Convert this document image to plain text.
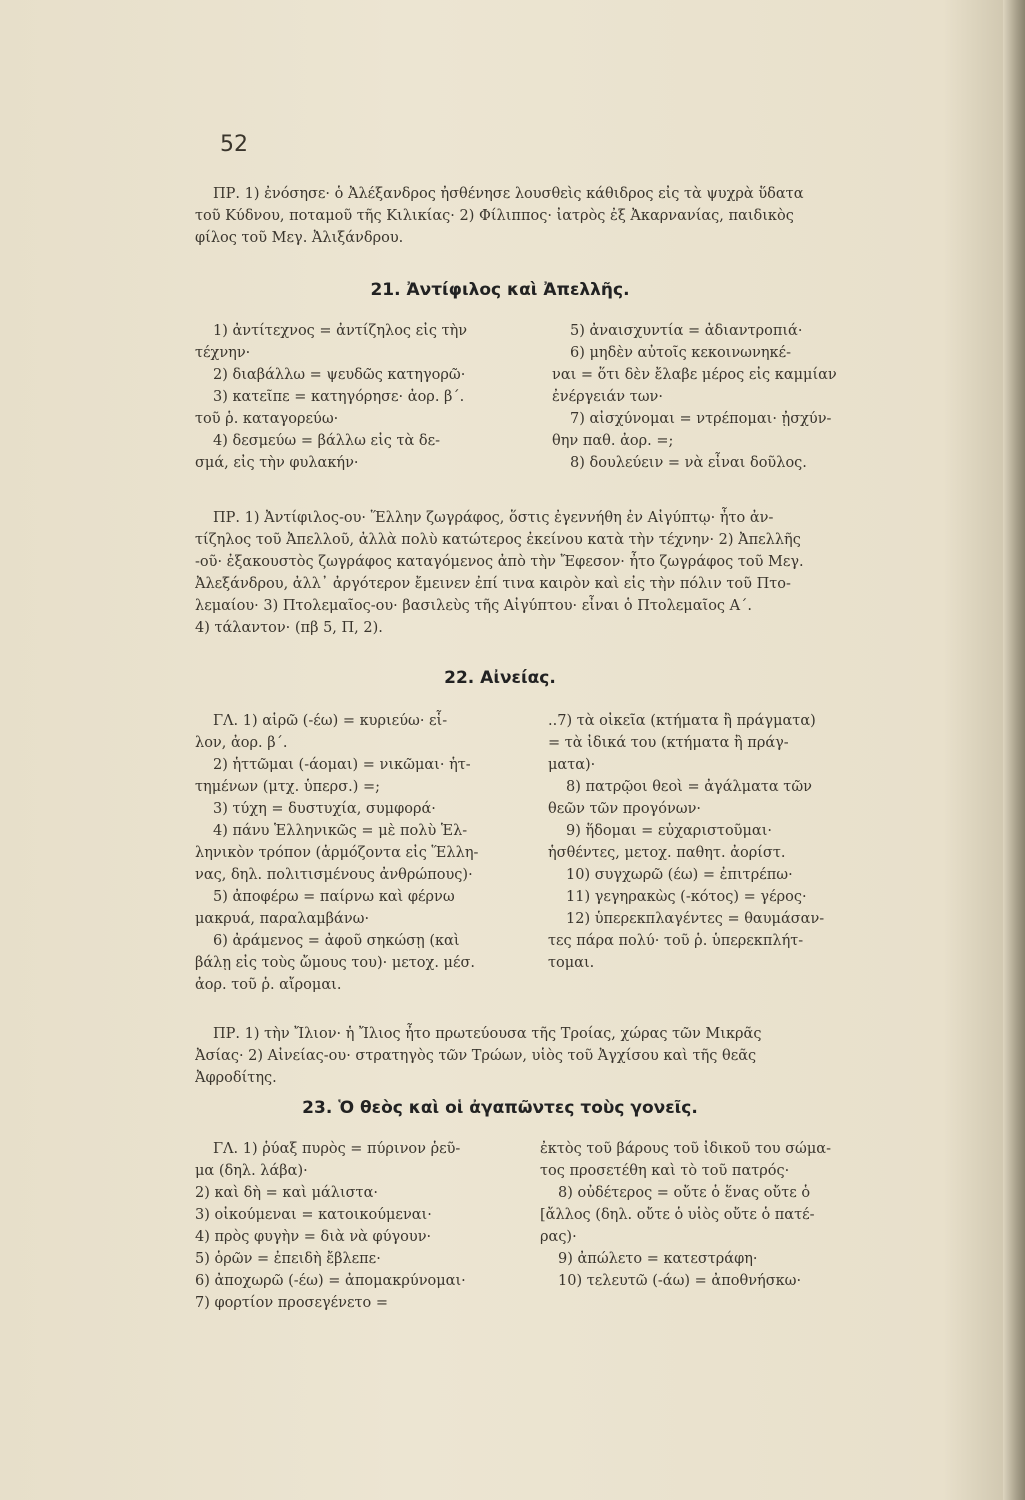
52
ΠΡ. 1) ἐνόσησε· ὁ Ἀλέξανδρος ἠσθένησε λουσθεὶς κάθιδρος εἰς τὰ ψυχρὰ ὕδατα
τοῦ Κύδνου, ποταμοῦ τῆς Κιλικίας· 2) Φίλιππος· ἰατρὸς ἐξ Ἀκαρνανίας, παιδικὸς
φίλος τοῦ Μεγ. Ἀλιξάνδρου.
21. Ἀντίφιλος καὶ Ἀπελλῆς.
1) ἀντίτεχνος = ἀντίζηλος εἰς τὴν
τέχνην·
2) διαβάλλω = ψευδῶς κατηγορῶ·
3) κατεῖπε = κατηγόρησε· ἀορ. β΄.
τοῦ ῥ. καταγορεύω·
4) δεσμεύω = βάλλω εἰς τὰ δε-
σμά, εἰς τὴν φυλακήν·
5) ἀναισχυντία = ἀδιαντροπιά·
6) μηδὲν αὐτοῖς κεκοινωνηκέ-
ναι = ὅτι δὲν ἔλαβε μέρος εἰς καμμίαν
ἐνέργειάν των·
7) αἰσχύνομαι = ντρέπομαι· ᾐσχύν-
θην παθ. ἀορ. =;
8) δουλεύειν = νὰ εἶναι δοῦλος.
ΠΡ. 1) Ἀντίφιλος-ου· Ἕλλην ζωγράφος, ὅστις ἐγεννήθη ἐν Αἰγύπτῳ· ἦτο ἀν-
τίζηλος τοῦ Ἀπελλοῦ, ἀλλὰ πολὺ κατώτερος ἐκείνου κατὰ τὴν τέχνην· 2) Ἀπελλῆς
-οῦ· ἐξακουστὸς ζωγράφος καταγόμενος ἀπὸ τὴν Ἔφεσον· ἦτο ζωγράφος τοῦ Μεγ.
Ἀλεξάνδρου, ἀλλ᾽ ἀργότερον ἔμεινεν ἐπί τινα καιρὸν καὶ εἰς τὴν πόλιν τοῦ Πτο-
λεμαίου· 3) Πτολεμαῖος-ου· βασιλεὺς τῆς Αἰγύπτου· εἶναι ὁ Πτολεμαῖος Α΄.
4) τάλαντον· (πβ 5, Π, 2).
22. Αἰνείας.
ΓΛ. 1) αἱρῶ (-έω) = κυριεύω· εἷ-
λον, ἀορ. β΄.
2) ἡττῶμαι (-άομαι) = νικῶμαι· ἡτ-
τημένων (μτχ. ὑπερσ.) =;
3) τύχη = δυστυχία, συμφορά·
4) πάνυ Ἑλληνικῶς = μὲ πολὺ Ἑλ-
ληνικὸν τρόπον (ἁρμόζοντα εἰς Ἕλλη-
νας, δηλ. πολιτισμένους ἀνθρώπους)·
5) ἀποφέρω = παίρνω καὶ φέρνω
μακρυά, παραλαμβάνω·
6) ἀράμενος = ἀφοῦ σηκώσῃ (καὶ
βάλῃ εἰς τοὺς ὤμους του)· μετοχ. μέσ.
ἀορ. τοῦ ῥ. αἴρομαι.
..7) τὰ οἰκεῖα (κτήματα ἢ πράγματα)
= τὰ ἰδικά του (κτήματα ἢ πράγ-
ματα)·
8) πατρῷοι θεοὶ = ἀγάλματα τῶν
θεῶν τῶν προγόνων·
9) ἥδομαι = εὐχαριστοῦμαι·
ἡσθέντες, μετοχ. παθητ. ἀορίστ.
10) συγχωρῶ (έω) = ἐπιτρέπω·
11) γεγηρακὼς (-κότος) = γέρος·
12) ὑπερεκπλαγέντες = θαυμάσαν-
τες πάρα πολύ· τοῦ ῥ. ὑπερεκπλήτ-
τομαι.
ΠΡ. 1) τὴν Ἴλιον· ἡ Ἴλιος ἦτο πρωτεύουσα τῆς Τροίας, χώρας τῶν Μικρᾶς
Ἀσίας· 2) Αἰνείας-ου· στρατηγὸς τῶν Τρώων, υἱὸς τοῦ Ἀγχίσου καὶ τῆς θεᾶς
Ἀφροδίτης.
23. Ὁ θεὸς καὶ οἱ ἀγαπῶντες τοὺς γονεῖς.
ΓΛ. 1) ῥύαξ πυρὸς = πύρινον ῥεῦ-
μα (δηλ. λάβα)·
2) καὶ δὴ = καὶ μάλιστα·
3) οἰκούμεναι = κατοικούμεναι·
4) πρὸς φυγὴν = διὰ νὰ φύγουν·
5) ὁρῶν = ἐπειδὴ ἔβλεπε·
6) ἀποχωρῶ (-έω) = ἀπομακρύνομαι·
7) φορτίον προσεγένετο =
ἐκτὸς τοῦ βάρους τοῦ ἰδικοῦ του σώμα-
τος προσετέθη καὶ τὸ τοῦ πατρός·
8) οὐδέτερος = οὔτε ὁ ἕνας οὔτε ὁ
[ἄλλος (δηλ. οὔτε ὁ υἱὸς οὔτε ὁ πατέ-
ρας)·
9) ἀπώλετο = κατεστράφη·
10) τελευτῶ (-άω) = ἀποθνήσκω·
